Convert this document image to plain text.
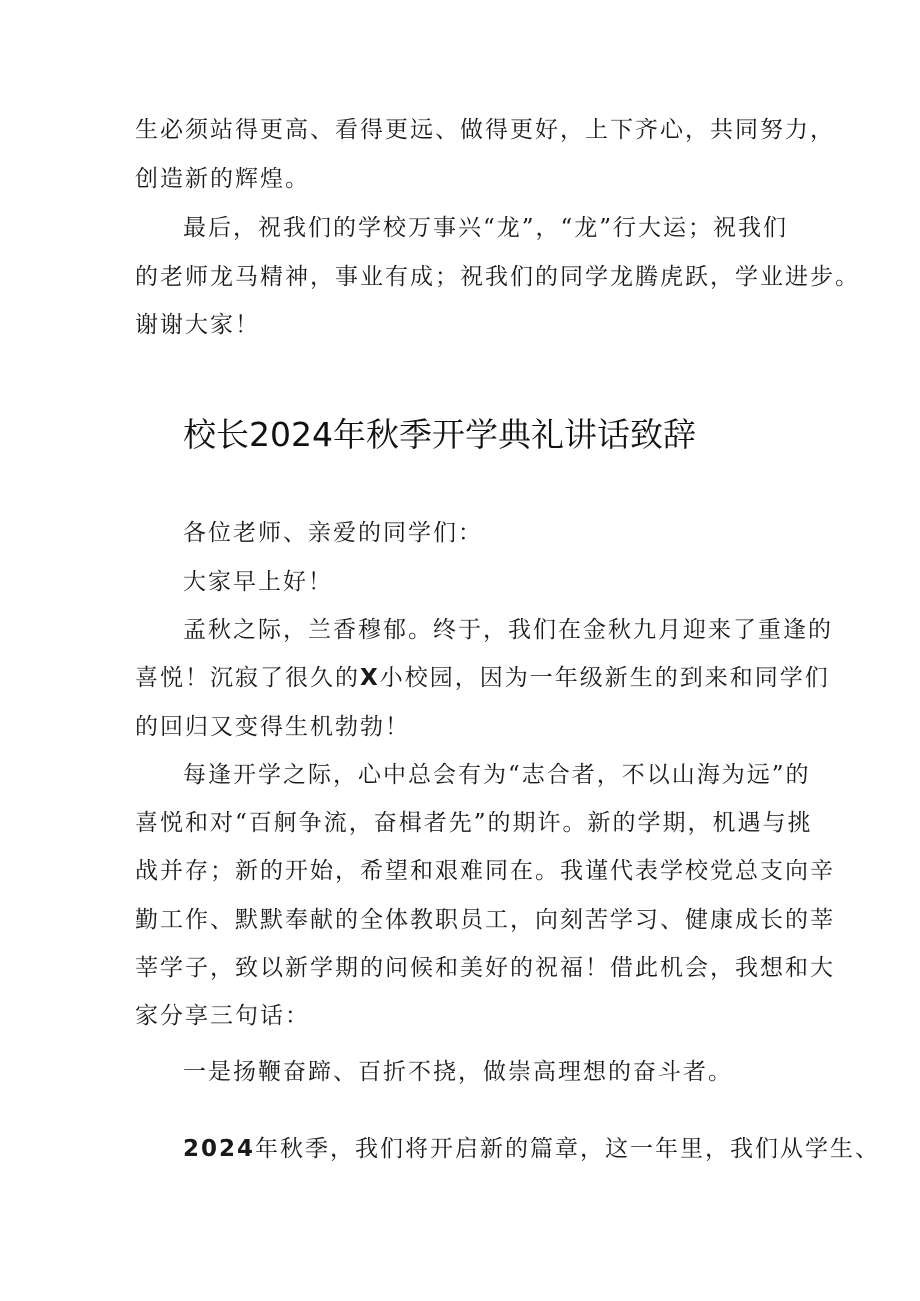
生必须站得更高、看得更远、做得更好，上下齐心，共同努力，
创造新的辉煌。
最后，祝我们的学校万事兴“龙”，“龙”行大运；祝我们
的老师龙马精神，事业有成；祝我们的同学龙腾虎跃，学业进步。
谢谢大家！
校长2024年秋季开学典礼讲话致辞
各位老师、亲爱的同学们：
大家早上好！
孟秋之际，兰香穆郁。终于，我们在金秋九月迎来了重逢的
喜悦！沉寂了很久的X小校园，因为一年级新生的到来和同学们
的回归又变得生机勃勃！
每逢开学之际，心中总会有为“志合者，不以山海为远”的
喜悦和对“百舸争流，奋楫者先”的期许。新的学期，机遇与挑
战并存；新的开始，希望和艰难同在。我谨代表学校党总支向辛
勤工作、默默奉献的全体教职员工，向刻苦学习、健康成长的莘
莘学子，致以新学期的问候和美好的祝福！借此机会，我想和大
家分享三句话：
一是扬鞭奋蹄、百折不挠，做崇高理想的奋斗者。
2024年秋季，我们将开启新的篇章，这一年里，我们从学生、
